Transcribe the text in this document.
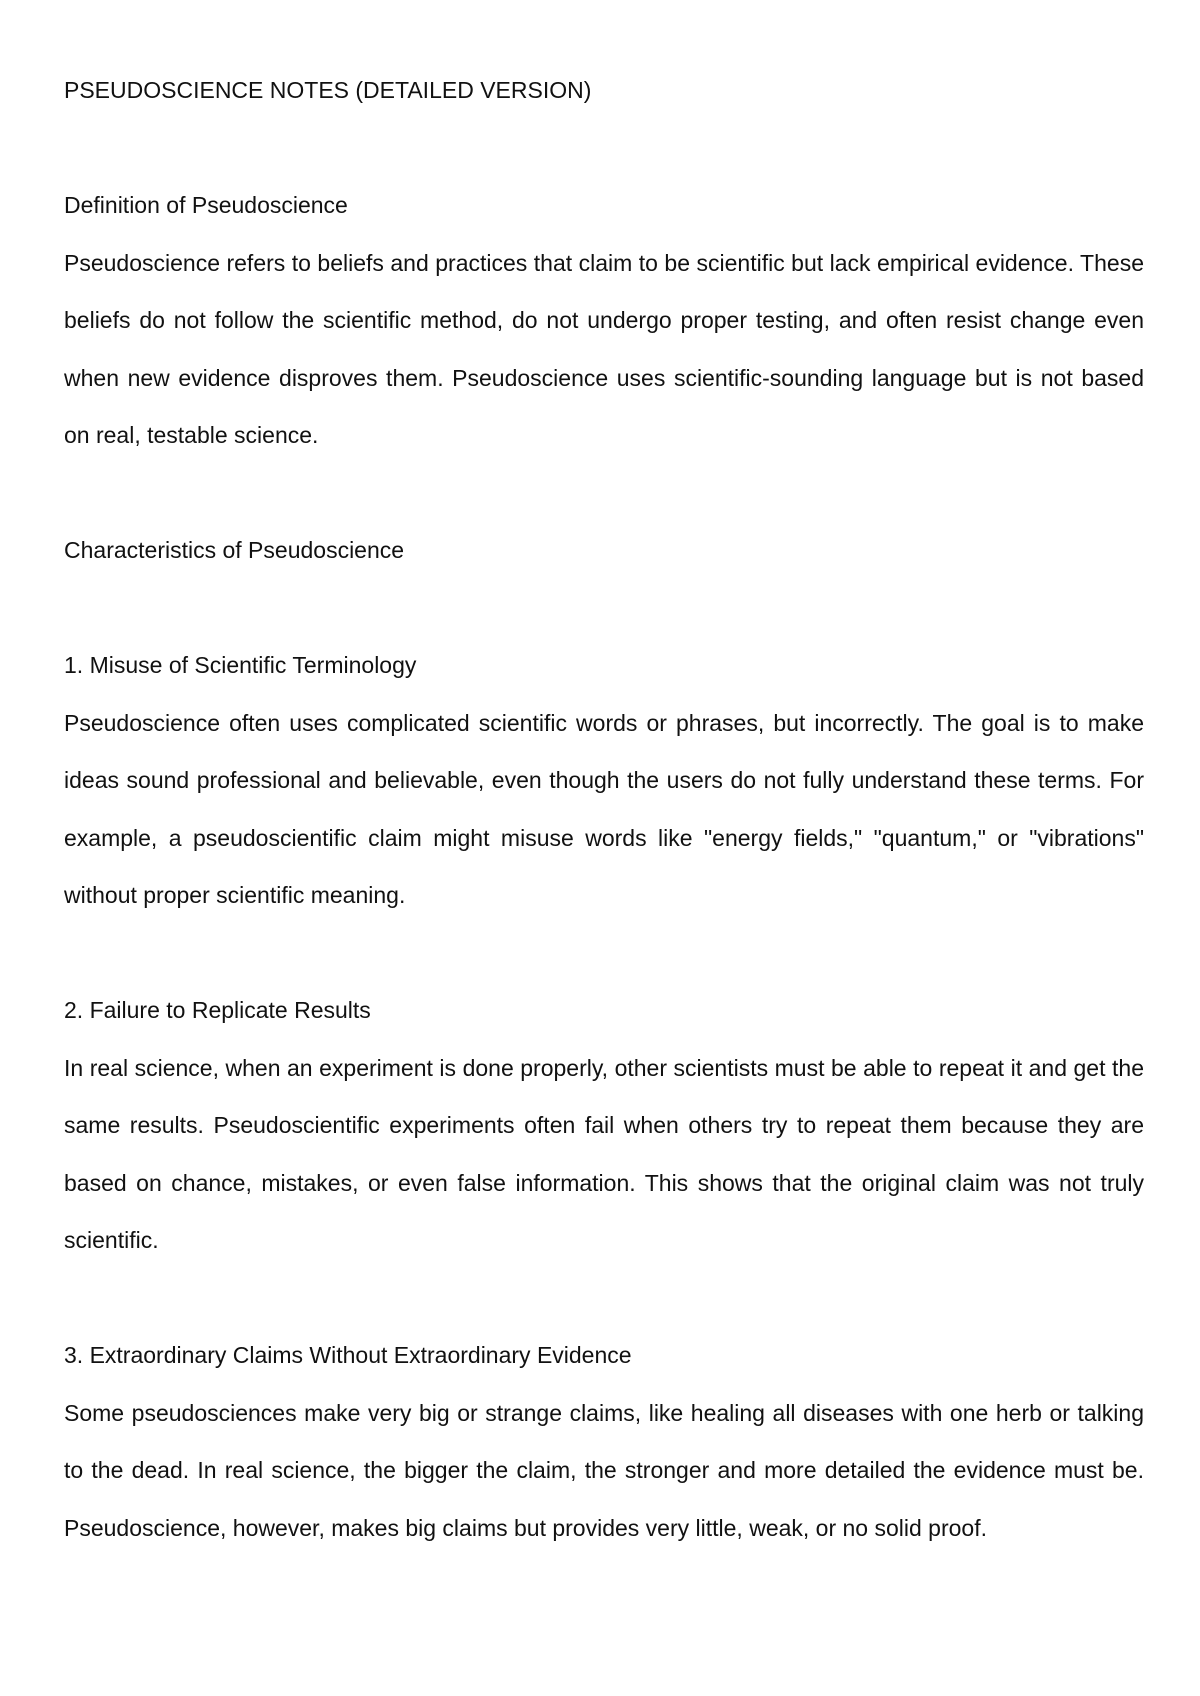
PSEUDOSCIENCE NOTES (DETAILED VERSION)
Definition of Pseudoscience

Pseudoscience refers to beliefs and practices that claim to be scientific but lack empirical evidence. These beliefs do not follow the scientific method, do not undergo proper testing, and often resist change even when new evidence disproves them. Pseudoscience uses scientific-sounding language but is not based on real, testable science.

Characteristics of Pseudoscience
1. Misuse of Scientific Terminology

Pseudoscience often uses complicated scientific words or phrases, but incorrectly. The goal is to make ideas sound professional and believable, even though the users do not fully understand these terms. For example, a pseudoscientific claim might misuse words like "energy fields," "quantum," or "vibrations" without proper scientific meaning.

2. Failure to Replicate Results

In real science, when an experiment is done properly, other scientists must be able to repeat it and get the same results. Pseudoscientific experiments often fail when others try to repeat them because they are based on chance, mistakes, or even false information. This shows that the original claim was not truly scientific.

3. Extraordinary Claims Without Extraordinary Evidence

Some pseudosciences make very big or strange claims, like healing all diseases with one herb or talking to the dead. In real science, the bigger the claim, the stronger and more detailed the evidence must be. Pseudoscience, however, makes big claims but provides very little, weak, or no solid proof.
